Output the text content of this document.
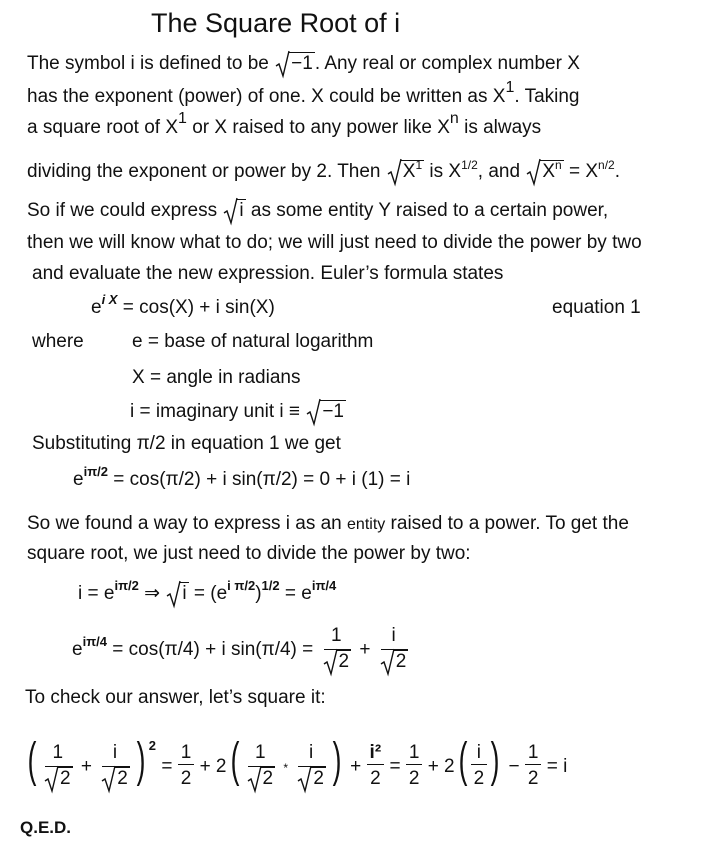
The Square Root of i
The symbol i is defined to be −1 . Any real or complex number X
has the exponent (power) of one. X could be written as $X^1$. Taking
a square root of $X^1$ or X raised to any power like $X^n$ is always
dividing the exponent or power by 2. Then $X^1$ is $X^{1/2}$, and $X^n = X^{n/2}$.
So if we could express i as some entity Y raised to a certain power,
then we will know what to do; we will just need to divide the power by two
and evaluate the new expression. Euler’s formula states
$e^{i X} = \cos(X) + i$ sin(X)	equation 1
where	e = base of natural logarithm
X = angle in radians
i = imaginary unit i ≡ −1
Substituting π/2 in equation 1 we get
$e^{i\pi/2} = \cos(\pi/2) + i$ sin(π/2) = 0 + i (1) = i
So we found a way to express i as an entity raised to a power. To get the
square root, we just need to divide the power by two:
$i = e^{i\pi/2}$ ⇒
$i = (e^{i \pi/2})^{1/2} = e^{i\pi/4}$
$e^{i\pi/4} = \cos(\pi/4) + i$ sin(π/4) =
1
2
+
i
2
To check our answer, let’s square it:
( 1
2
+
i
2 ) $^2 = \frac{1}{2} + 2$( 1
2
*
i
2 ) + $\frac{\text{i²}}{2} = \frac{1}{2} + 2( \frac{i}{2}$ ) − $\frac{1}{2} = i$
Q.E.D.
